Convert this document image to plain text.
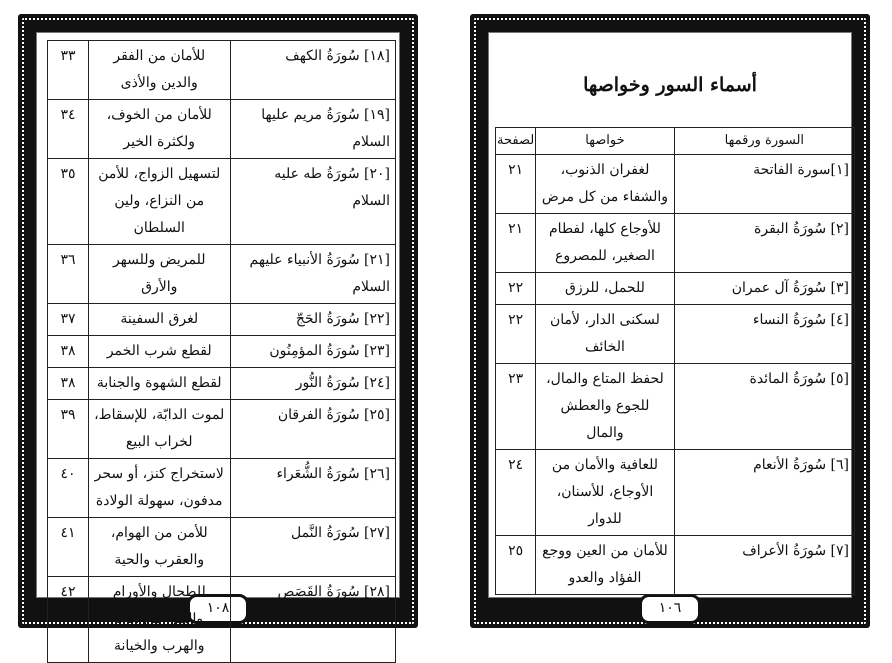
١٠٨
[١٨] سُورَةُ الكهف	للأمان من الفقر والدين والأذى	٣٣
[١٩] سُورَةُ مريم عليها السلام	للأمان من الخوف، ولكثرة الخير	٣٤
[٢٠] سُورَةُ طه عليه السلام	لتسهيل الزواج، للأمن من النزاع، ولين السلطان	٣٥
[٢١] سُورَةُ الأنبياء عليهم السلام	للمريض وللسهر والأرق	٣٦
[٢٢] سُورَةُ الحَجّ	لغرق السفينة	٣٧
[٢٣] سُورَةُ المؤمِنُون	لقطع شرب الخمر	٣٨
[٢٤] سُورَةُ النُّور	لقطع الشهوة والجنابة	٣٨
[٢٥] سُورَةُ الفرقان	لموت الدابّة، للإسقاط، لخراب البيع	٣٩
[٢٦] سُورَةُ الشُّعَراء	لاستخراج كنز، أو سحر مدفون، سهولة الولادة	٤٠
[٢٧] سُورَةُ النَّمل	للأمن من الهوام، والعقرب والحية	٤١
[٢٨] سُورَةُ القَصَص	للطحال والأورام والأمن من الزنا والهرب والخيانة	٤٢
أسماء السور وخواصها
١٠٦
السورة ورقمها	خواصها	لصفحة
[١]سورة الفاتحة	لغفران الذنوب، والشفاء من كل مرض	٢١
[٢] سُورَةُ البقرة	للأوجاع كلها، لفطام الصغير، للمصروع	٢١
[٣] سُورَةُ آل عمران	للحمل، للرزق	٢٢
[٤] سُورَةُ النساء	لسكنى الدار، لأمان الخائف	٢٢
[٥] سُورَةُ المائدة	لحفظ المتاع والمال، للجوع والعطش والمال	٢٣
[٦] سُورَةُ الأنعام	للعافية والأمان من الأوجاع، للأسنان، للدوار	٢٤
[٧] سُورَةُ الأعراف	للأمان من العين ووجع الفؤاد والعدو	٢٥
